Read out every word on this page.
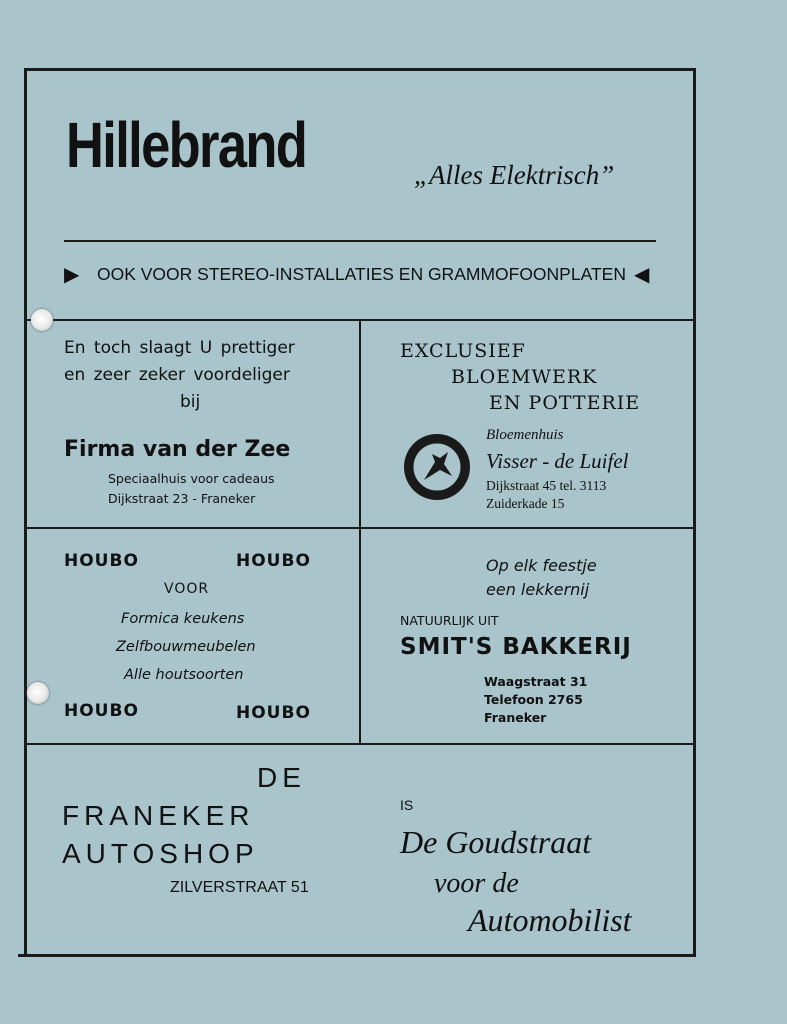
Hillebrand	„Alles Elektrisch”
▶ OOK VOOR STEREO-INSTALLATIES EN GRAMMOFOONPLATEN ◀
En toch slaagt U prettiger
en zeer zeker voordeliger
bij
Firma van der Zee
Speciaalhuis voor cadeaus
Dijkstraat 23 - Franeker
EXCLUSIEF
BLOEMWERK
EN POTTERIE
Bloemenhuis
Visser - de Luifel
Dijkstraat 45 tel. 3113
Zuiderkade 15
HOUBO	HOUBO
VOOR
Formica keukens
Zelfbouwmeubelen
Alle houtsoorten
HOUBO	HOUBO
Op elk feestje
een lekkernij
NATUURLIJK UIT
SMIT'S BAKKERIJ
Waagstraat 31
Telefoon 2765
Franeker
DE
FRANEKER
AUTOSHOP
ZILVERSTRAAT 51
IS
De Goudstraat
voor de
Automobilist
